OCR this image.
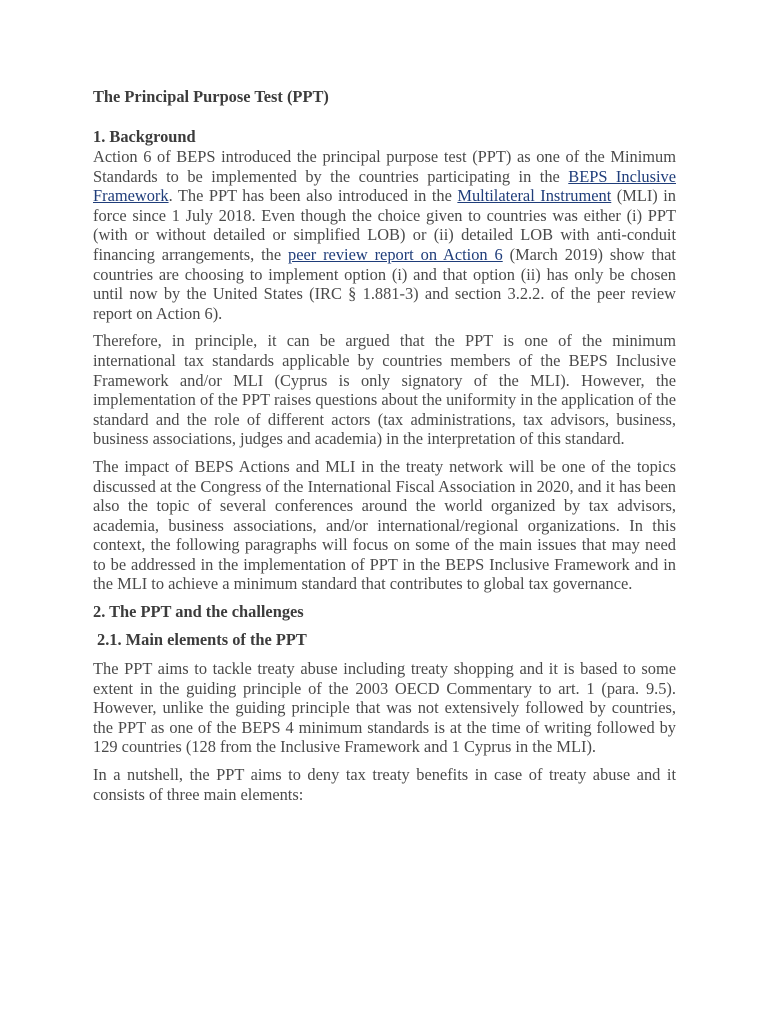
The Principal Purpose Test (PPT)
1. Background

Action 6 of BEPS introduced the principal purpose test (PPT) as one of the Minimum Standards to be implemented by the countries participating in the BEPS Inclusive Framework. The PPT has been also introduced in the Multilateral Instrument (MLI) in force since 1 July 2018. Even though the choice given to countries was either (i) PPT (with or without detailed or simplified LOB) or (ii) detailed LOB with anti-conduit financing arrangements, the peer review report on Action 6 (March 2019) show that countries are choosing to implement option (i) and that option (ii) has only be chosen until now by the United States (IRC § 1.881-3) and section 3.2.2. of the peer review report on Action 6).

Therefore, in principle, it can be argued that the PPT is one of the minimum international tax standards applicable by countries members of the BEPS Inclusive Framework and/or MLI (Cyprus is only signatory of the MLI). However, the implementation of the PPT raises questions about the uniformity in the application of the standard and the role of different actors (tax administrations, tax advisors, business, business associations, judges and academia) in the interpretation of this standard.

The impact of BEPS Actions and MLI in the treaty network will be one of the topics discussed at the Congress of the International Fiscal Association in 2020, and it has been also the topic of several conferences around the world organized by tax advisors, academia, business associations, and/or international/regional organizations. In this context, the following paragraphs will focus on some of the main issues that may need to be addressed in the implementation of PPT in the BEPS Inclusive Framework and in the MLI to achieve a minimum standard that contributes to global tax governance.

2. The PPT and the challenges
2.1. Main elements of the PPT

The PPT aims to tackle treaty abuse including treaty shopping and it is based to some extent in the guiding principle of the 2003 OECD Commentary to art. 1 (para. 9.5). However, unlike the guiding principle that was not extensively followed by countries, the PPT as one of the BEPS 4 minimum standards is at the time of writing followed by 129 countries (128 from the Inclusive Framework and 1 Cyprus in the MLI).

In a nutshell, the PPT aims to deny tax treaty benefits in case of treaty abuse and it consists of three main elements:
